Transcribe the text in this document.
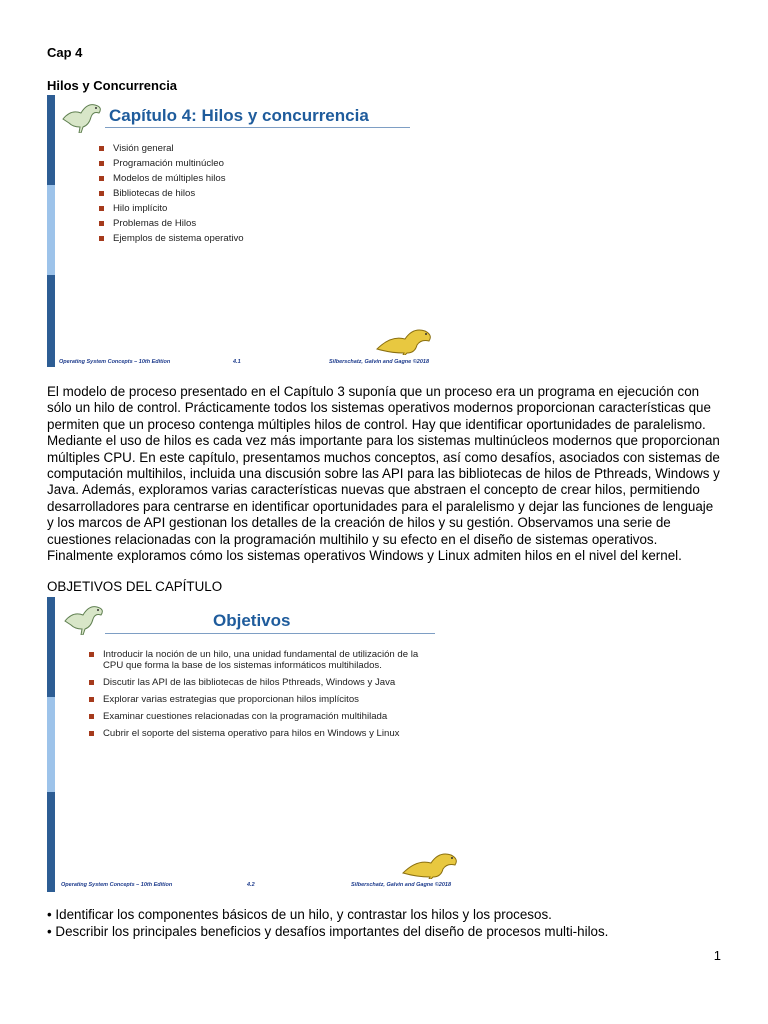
Cap 4
Hilos y Concurrencia
Capítulo 4: Hilos y concurrencia
Visión general
Programación multinúcleo
Modelos de múltiples hilos
Bibliotecas de hilos
Hilo implícito
Problemas de Hilos
Ejemplos de sistema operativo
Operating System Concepts – 10th Edition	4.1	Silberschatz, Galvin and Gagne ©2018
El modelo de proceso presentado en el Capítulo 3 suponía que un proceso era un programa en ejecución con sólo un hilo de control. Prácticamente todos los sistemas operativos modernos proporcionan características que permiten que un proceso contenga múltiples hilos de control. Hay que identificar oportunidades de paralelismo. Mediante el uso de hilos es cada vez más importante para los sistemas multinúcleos modernos que proporcionan múltiples CPU. En este capítulo, presentamos muchos conceptos, así como desafíos, asociados con sistemas de computación multihilos, incluida una discusión sobre las API para las bibliotecas de hilos de Pthreads, Windows y Java. Además, exploramos varias características nuevas que abstraen el concepto de crear hilos, permitiendo desarrolladores para centrarse en identificar oportunidades para el paralelismo y dejar las funciones de lenguaje y los marcos de API gestionan los detalles de la creación de hilos y su gestión. Observamos una serie de cuestiones relacionadas con la programación multihilo y su efecto en el diseño de sistemas operativos. Finalmente exploramos cómo los sistemas operativos Windows y Linux admiten hilos en el nivel del kernel.
OBJETIVOS DEL CAPÍTULO
Objetivos
Introducir la noción de un hilo, una unidad fundamental de utilización de la CPU que forma la base de los sistemas informáticos multihilados.
Discutir las API de las bibliotecas de hilos Pthreads, Windows y Java
Explorar varias estrategias que proporcionan hilos implícitos
Examinar cuestiones relacionadas con la programación multihilada
Cubrir el soporte del sistema operativo para hilos en Windows y Linux
Operating System Concepts – 10th Edition	4.2	Silberschatz, Galvin and Gagne ©2018
• Identificar los componentes básicos de un hilo, y contrastar los hilos y los procesos.
• Describir los principales beneficios y desafíos importantes del diseño de procesos multi-hilos.
1
